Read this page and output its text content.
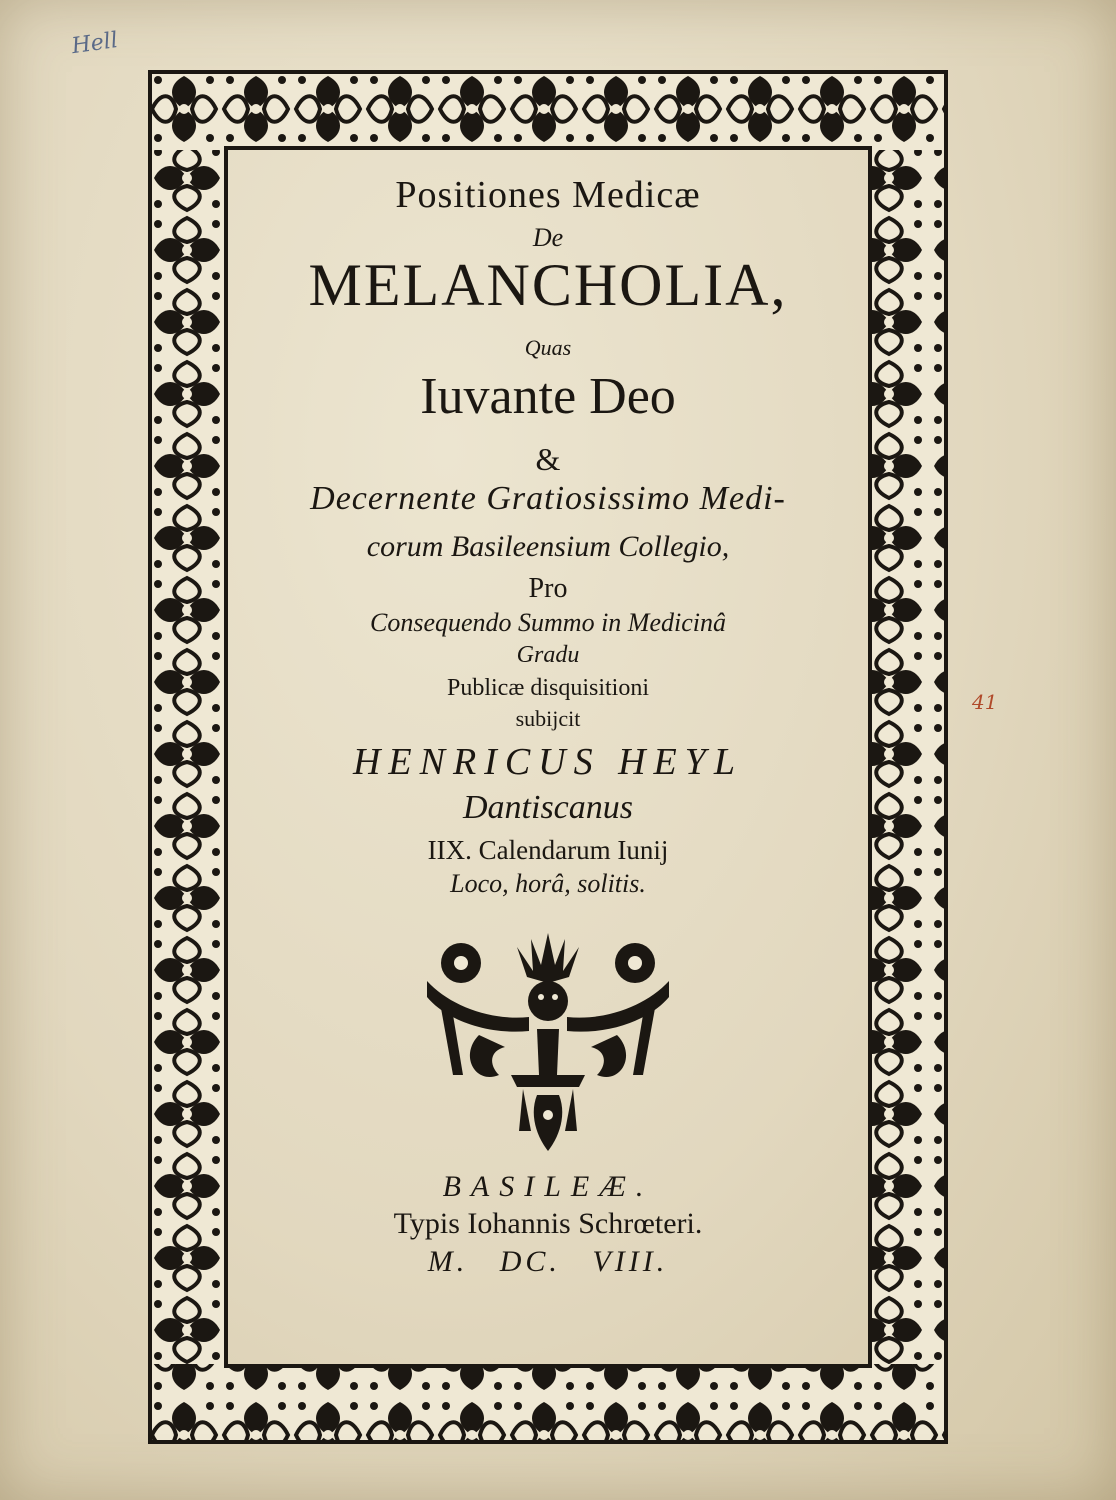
Hell
41
Positiones Medicæ
De
MELANCHOLIA,
Quas
Iuvante Deo
&
Decernente Gratiosissimo Medi-
corum Basileensium Collegio,
Pro
Consequendo Summo in Medicinâ
Gradu
Publicæ disquisitioni
subijcit
HENRICUS HEYL
Dantiscanus
IIX. Calendarum Iunij
Loco, horâ, solitis.
BASILEÆ.
Typis Iohannis Schrœteri.
M. DC. VIII.
